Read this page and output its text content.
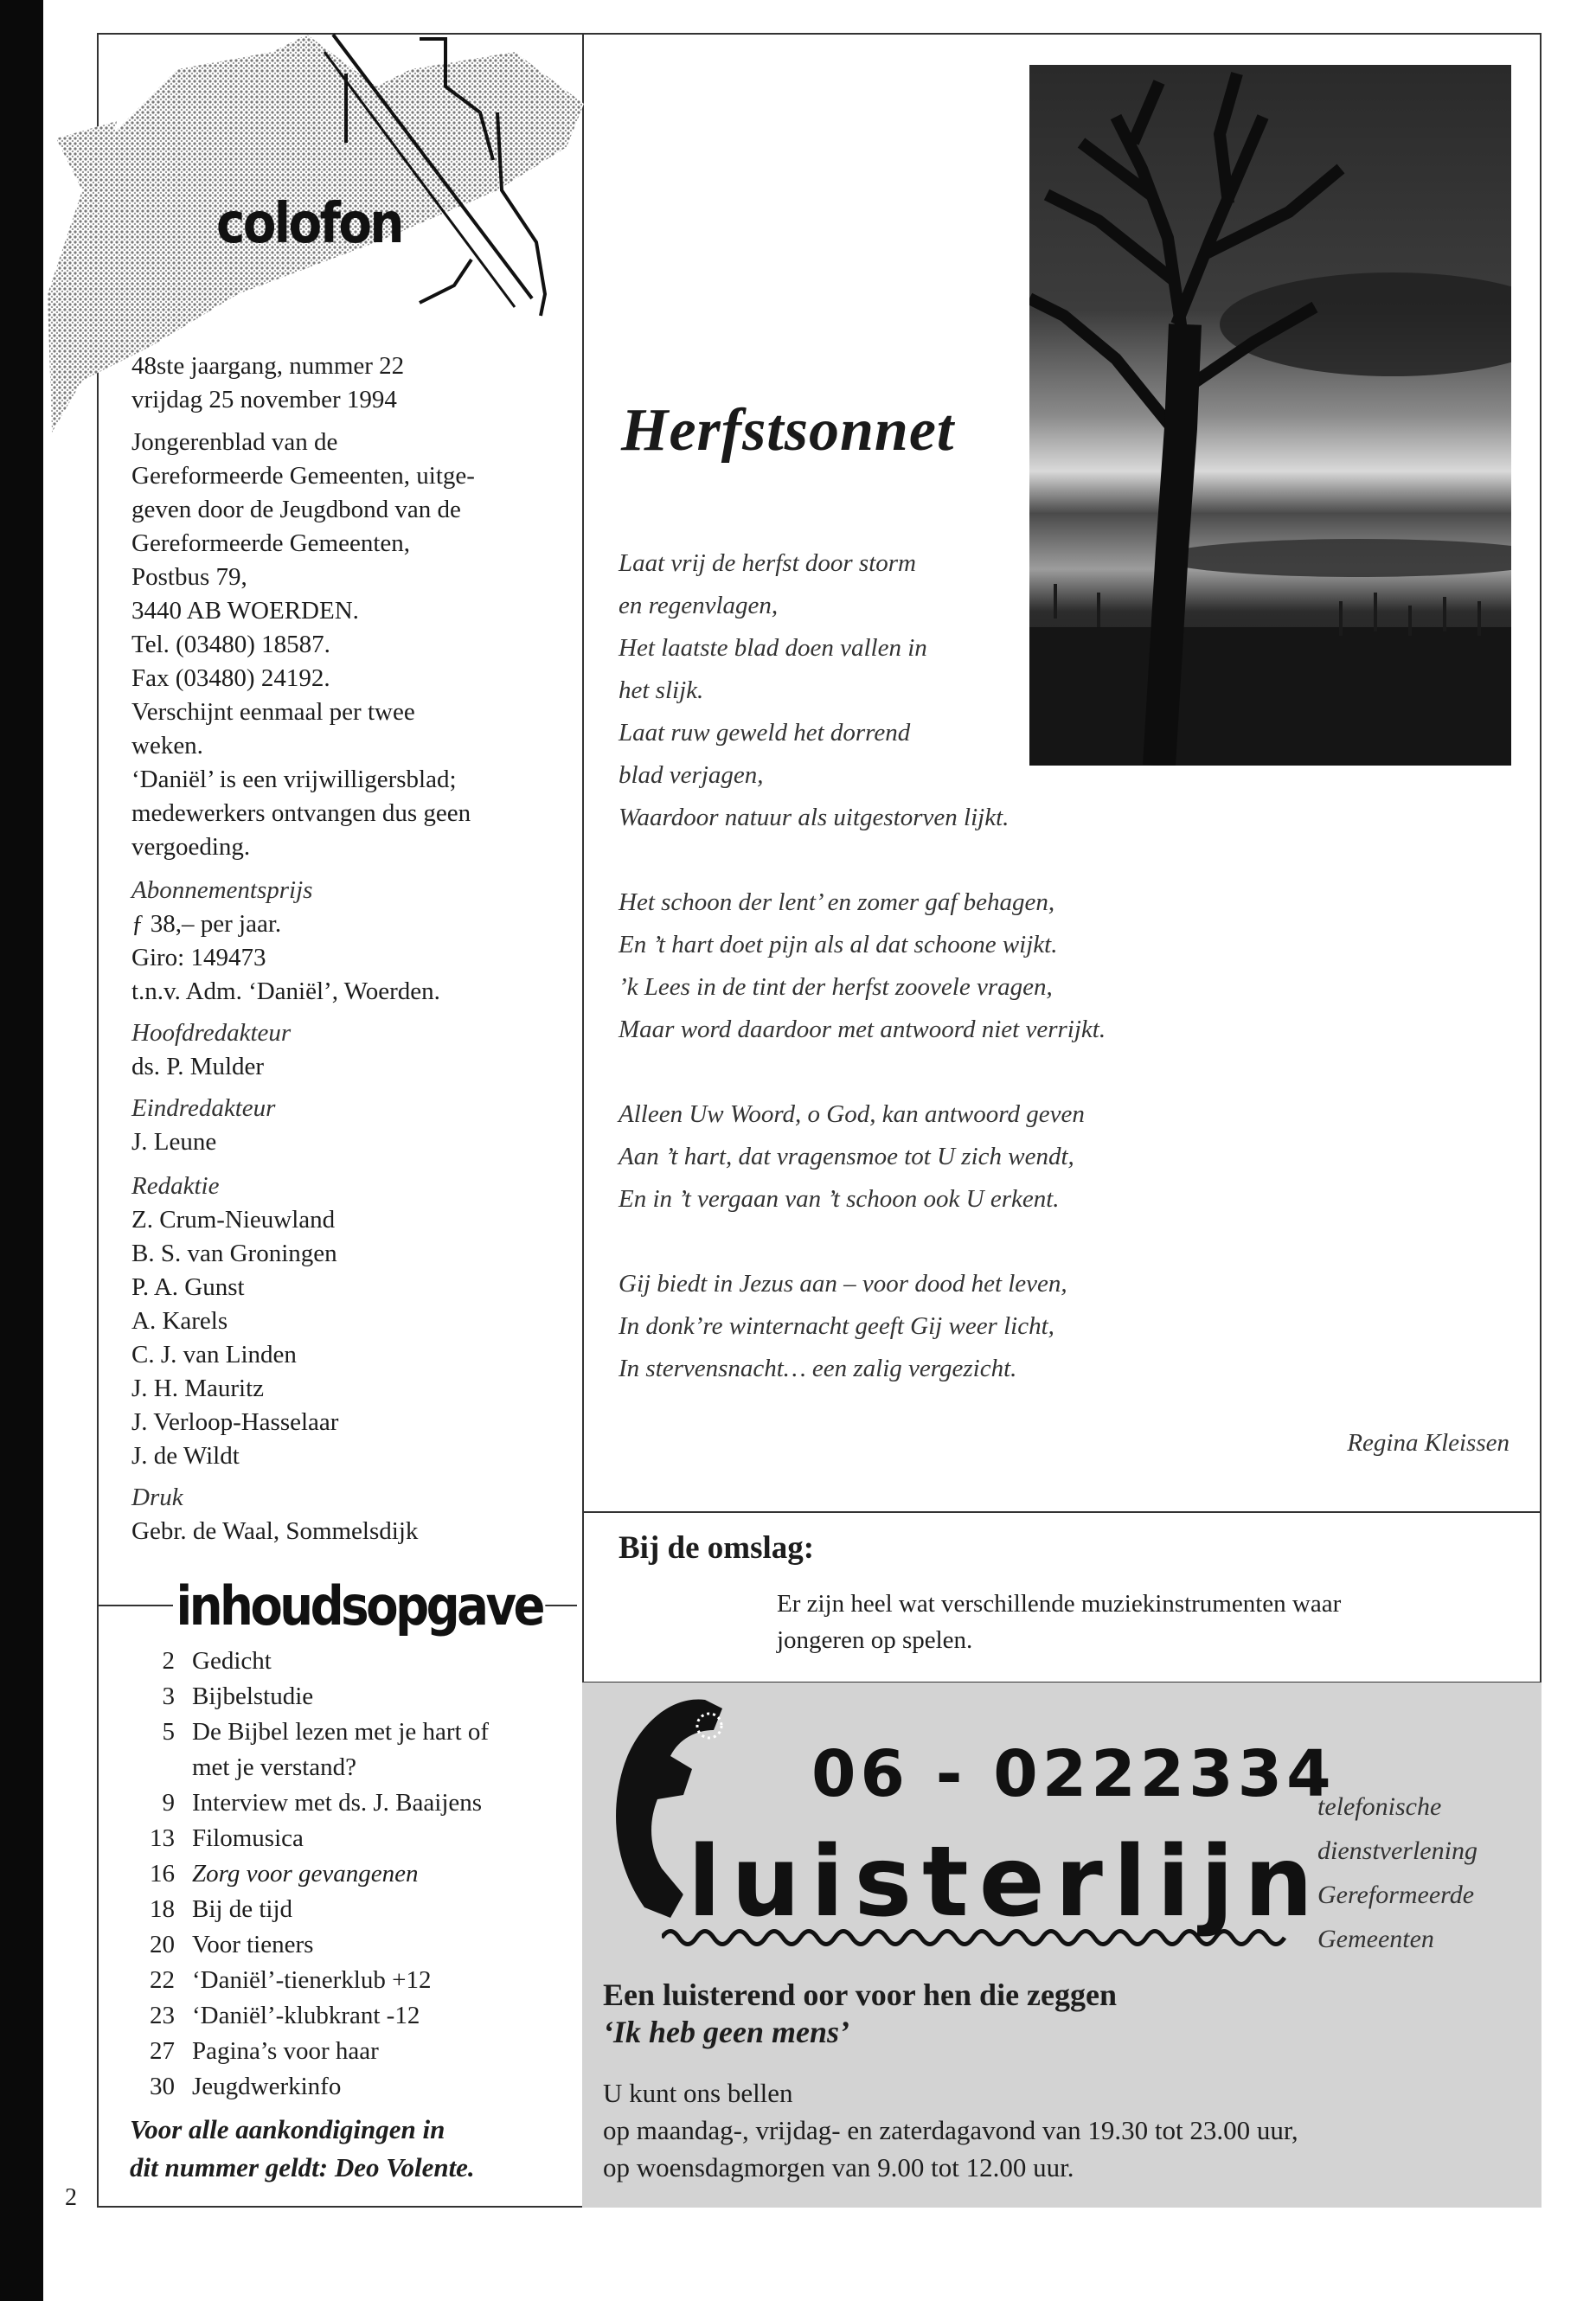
colofon

48ste jaargang, nummer 22

vrijdag 25 november 1994

Jongerenblad van de

Gereformeerde Gemeenten, uitge-

geven door de Jeugdbond van de

Gereformeerde Gemeenten,

Postbus 79,

3440 AB WOERDEN.

Tel. (03480) 18587.

Fax (03480) 24192.

Verschijnt eenmaal per twee

weken.

‘Daniël’ is een vrijwilligersblad;

medewerkers ontvangen dus geen

vergoeding.

Abonnementsprijs

ƒ 38,– per jaar.

Giro: 149473

t.n.v. Adm. ‘Daniël’, Woerden.

Hoofdredakteur

ds. P. Mulder

Eindredakteur

J. Leune

Redaktie

Z. Crum-Nieuwland

B. S. van Groningen

P. A. Gunst

A. Karels

C. J. van Linden

J. H. Mauritz

J. Verloop-Hasselaar

J. de Wildt

Druk

Gebr. de Waal, Sommelsdijk

inhoudsopgave
2 Gedicht
3 Bijbelstudie
5 De Bijbel lezen met je hart of
met je verstand?
9 Interview met ds. J. Baaijens
13 Filomusica
16 Zorg voor gevangenen
18 Bij de tijd
20 Voor tieners
22 ‘Daniël’-tienerklub +12
23 ‘Daniël’-klubkrant -12
27 Pagina’s voor haar
30 Jeugdwerkinfo
Voor alle aankondigingen in
dit nummer geldt: Deo Volente.
2
Herfstsonnet
Laat vrij de herfst door storm
en regenvlagen,
Het laatste blad doen vallen in
het slijk.
Laat ruw geweld het dorrend
blad verjagen,
Waardoor natuur als uitgestorven lijkt.
Het schoon der lent’ en zomer gaf behagen,
En ’t hart doet pijn als al dat schoone wijkt.
’k Lees in de tint der herfst zoovele vragen,
Maar word daardoor met antwoord niet verrijkt.
Alleen Uw Woord, o God, kan antwoord geven
Aan ’t hart, dat vragensmoe tot U zich wendt,
En in ’t vergaan van ’t schoon ook U erkent.
Gij biedt in Jezus aan – voor dood het leven,
In donk’re winternacht geeft Gij weer licht,
In stervensnacht… een zalig vergezicht.
Regina Kleissen
Bij de omslag:
Er zijn heel wat verschillende muziekinstrumenten waar
jongeren op spelen.
06 - 0222334
luisterlijn
telefonische
dienstverlening
Gereformeerde
Gemeenten
Een luisterend oor voor hen die zeggen
‘Ik heb geen mens’
U kunt ons bellen
op maandag-, vrijdag- en zaterdagavond van 19.30 tot 23.00 uur,
op woensdagmorgen van 9.00 tot 12.00 uur.
